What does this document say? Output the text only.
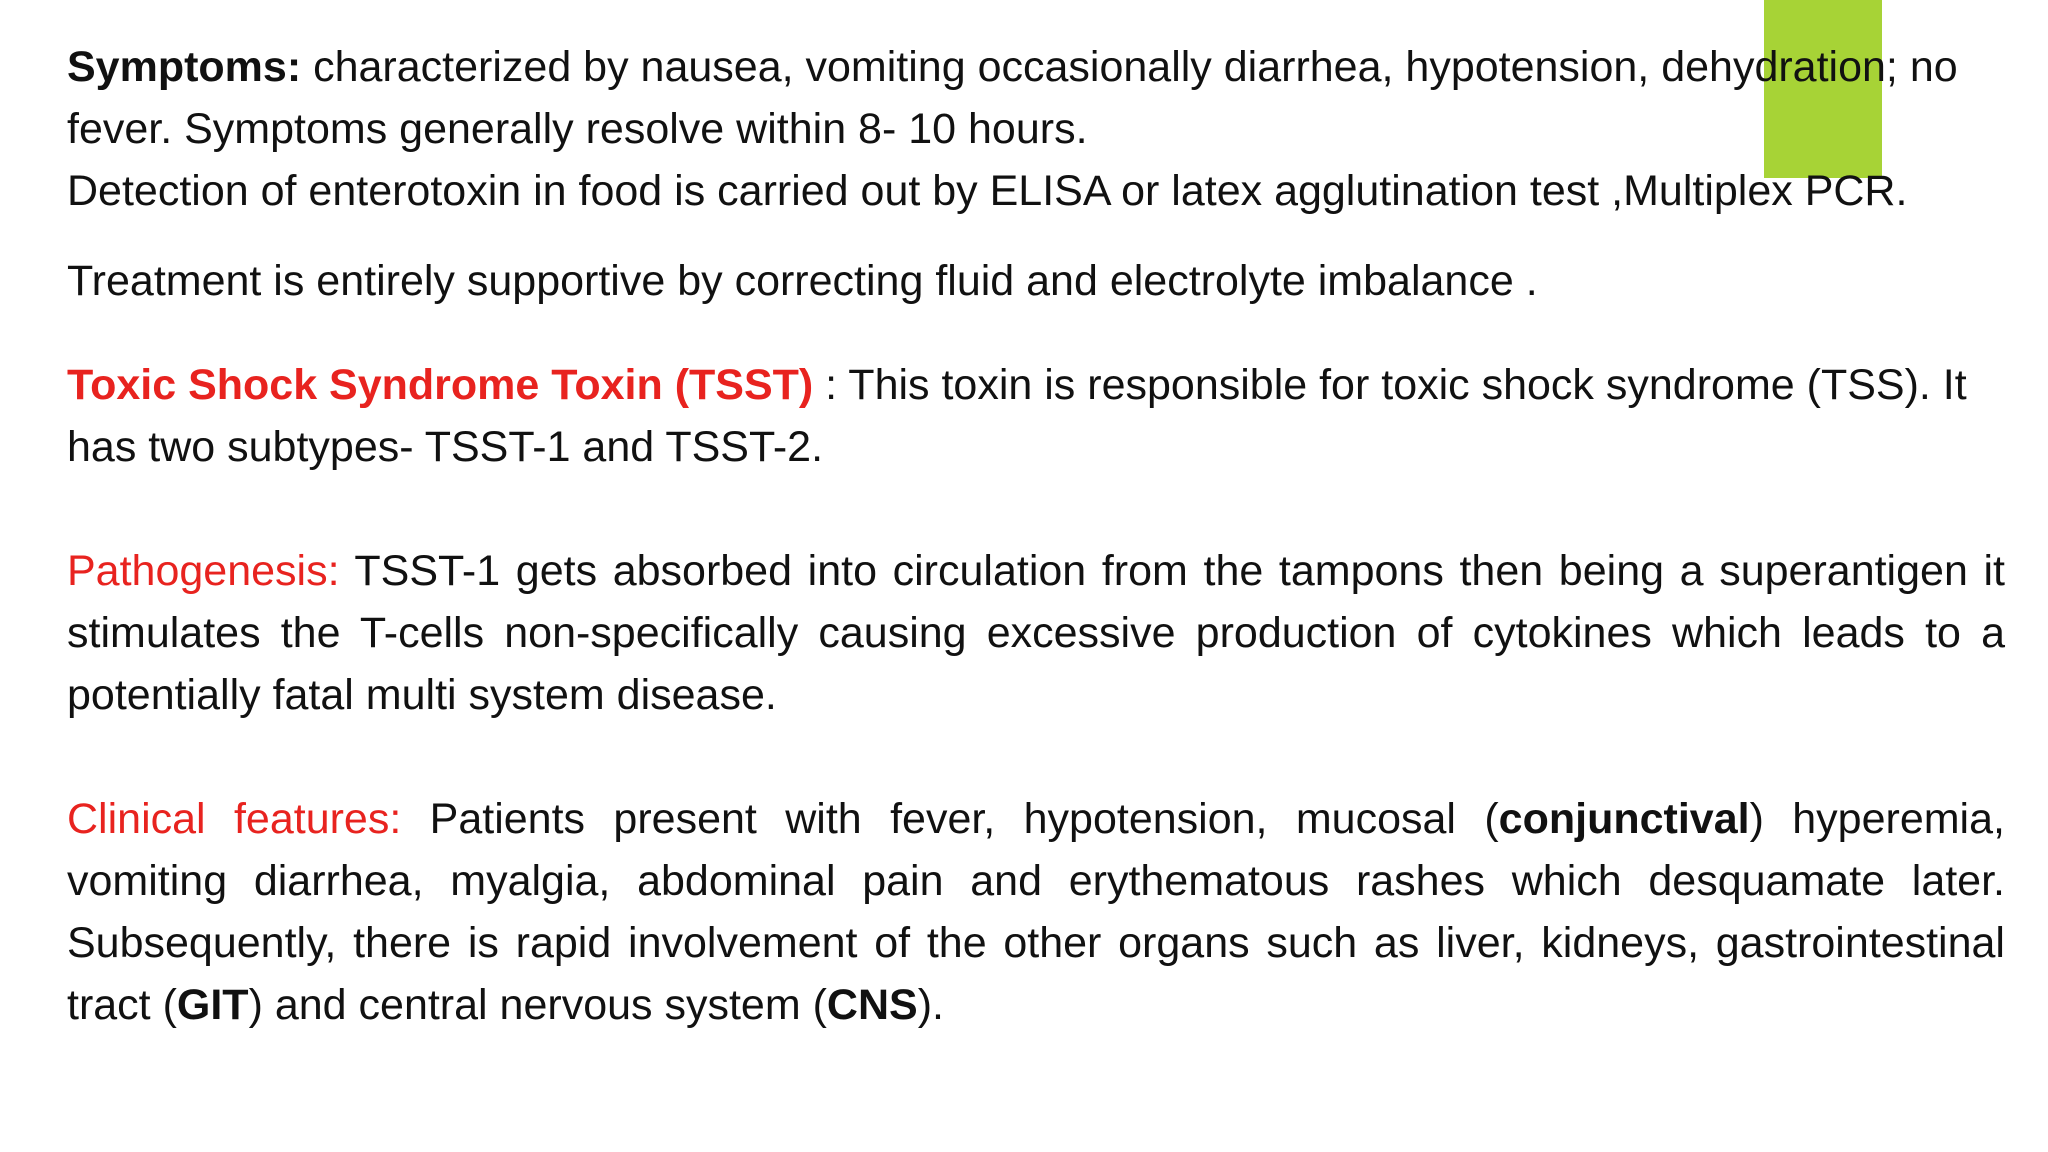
Symptoms: characterized by nausea, vomiting occasionally diarrhea, hypotension, dehydration; no fever. Symptoms generally resolve within 8- 10 hours.

Detection of enterotoxin in food is carried out by ELISA or latex agglutination test ,Multiplex PCR.

Treatment is entirely supportive by correcting fluid and electrolyte imbalance .

Toxic Shock Syndrome Toxin (TSST) : This toxin is responsible for toxic shock syndrome (TSS). It has two subtypes- TSST-1 and TSST-2.

Pathogenesis: TSST-1 gets absorbed into circulation from the tampons then being a superantigen it stimulates the T-cells non-specifically causing excessive production of cytokines which leads to a potentially fatal multi system disease.

Clinical features: Patients present with fever, hypotension, mucosal (conjunctival) hyperemia, vomiting diarrhea, myalgia, abdominal pain and erythematous rashes which desquamate later. Subsequently, there is rapid involvement of the other organs such as liver, kidneys, gastrointestinal tract (GIT) and central nervous system (CNS).
